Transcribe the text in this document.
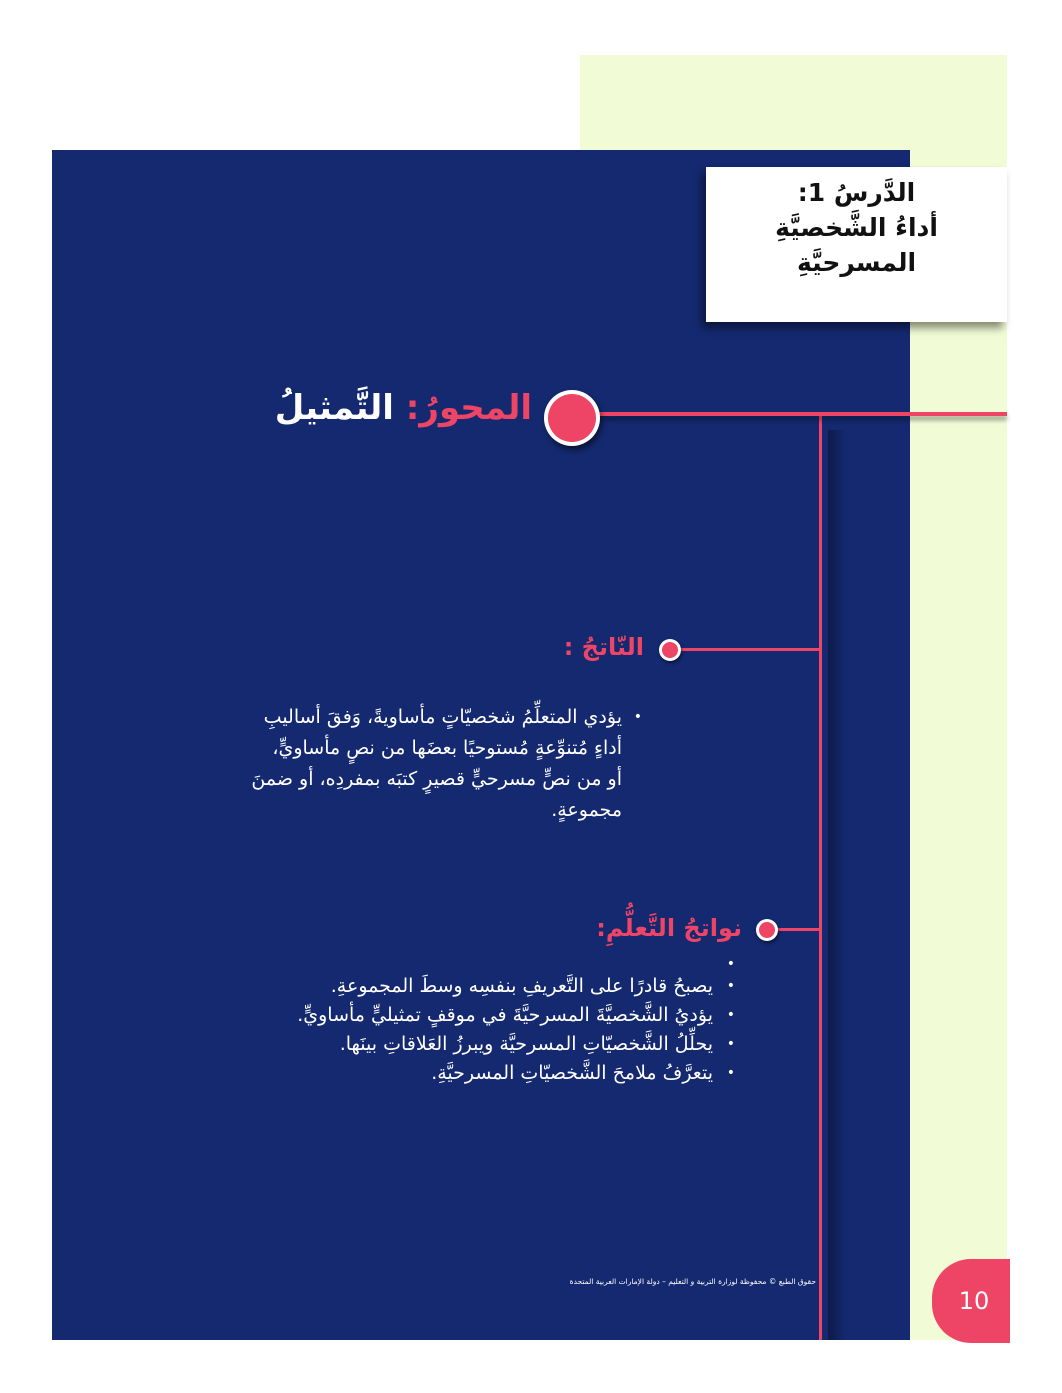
الدَّرسُ 1:
أداءُ الشَّخصيَّةِ
المسرحيَّةِ
المحورُ: التَّمثيلُ
النّاتجُ :
•
يؤدي المتعلِّمُ شخصيّاتٍ مأساويةً، وَفقَ أساليبِ
أداءٍ مُتنوِّعةٍ مُستوحيًا بعضَها من نصٍ مأساويٍّ،
أو من نصٍّ مسرحيٍّ قصيرٍ كتبَه بمفردِه، أو ضمنَ
مجموعةٍ.
نواتجُ التَّعلُّمِ:
•
• يصبحُ قادرًا على التَّعريفِ بنفسِه وسطَ المجموعةِ.
• يؤديُ الشَّخصيَّةَ المسرحيَّةَ في موقفٍ تمثيليٍّ مأساويٍّ.
• يحلِّلُ الشَّخصيّاتِ المسرحيَّة ويبرزُ العَلاقاتِ بينَها.
• يتعرَّفُ ملامحَ الشَّخصيّاتِ المسرحيَّةِ.
حقوق الطبع © محفوظة لوزارة التربية و التعليم – دولة الإمارات العربية المتحدة
10
